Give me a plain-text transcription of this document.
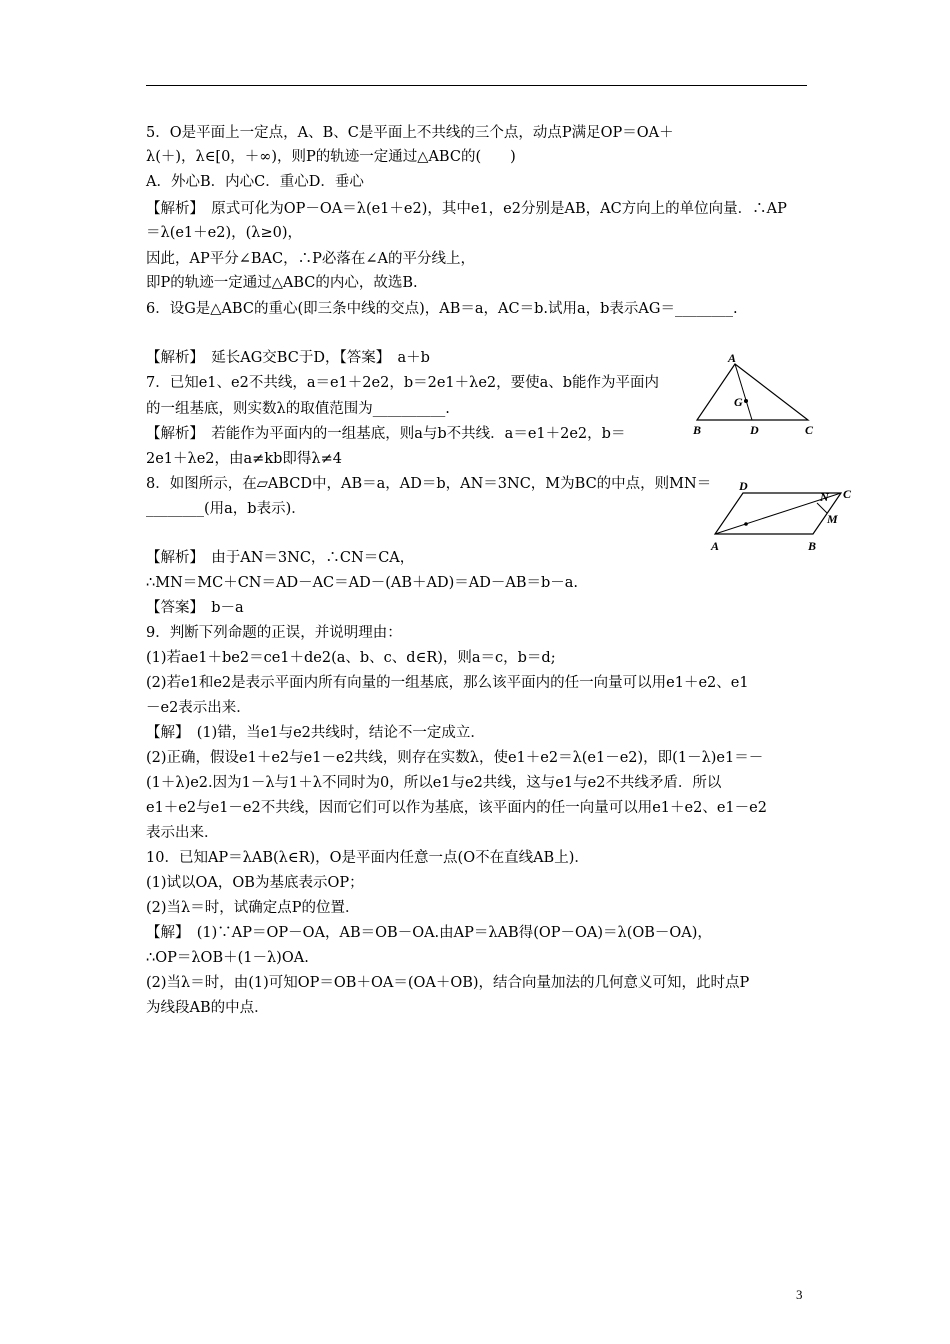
5．O是平面上一定点，A、B、C是平面上不共线的三个点，动点P满足OP＝OA＋

λ(＋)，λ∈[0，＋∞)，则P的轨迹一定通过△ABC的(　　)

A．外心B．内心C．重心D．垂心

【解析】　原式可化为OP－OA＝λ(e1＋e2)，其中e1，e2分别是AB，AC方向上的单位向量．∴AP

＝λ(e1＋e2)，(λ≥0)，

因此，AP平分∠BAC，∴P必落在∠A的平分线上，

即P的轨迹一定通过△ABC的内心，故选B.

6．设G是△ABC的重心(即三条中线的交点)，AB＝a，AC＝b.试用a，b表示AG＝________.

【解析】　延长AG交BC于D，【答案】　a＋b

7．已知e1、e2不共线，a＝e1＋2e2，b＝2e1＋λe2，要使a、b能作为平面内

的一组基底，则实数λ的取值范围为__________.

【解析】　若能作为平面内的一组基底，则a与b不共线．a＝e1＋2e2，b＝

2e1＋λe2，由a≠kb即得λ≠4

8．如图所示，在▱ABCD中，AB＝a，AD＝b，AN＝3NC，M为BC的中点，则MN＝

________(用a，b表示)．

【解析】　由于AN＝3NC，∴CN＝CA，

∴MN＝MC＋CN＝AD－AC＝AD－(AB＋AD)＝AD－AB＝b－a.

【答案】　b－a

9．判断下列命题的正误，并说明理由：

(1)若ae1＋be2＝ce1＋de2(a、b、c、d∈R)，则a＝c，b＝d;

(2)若e1和e2是表示平面内所有向量的一组基底，那么该平面内的任一向量可以用e1＋e2、e1

－e2表示出来．

【解】　(1)错，当e1与e2共线时，结论不一定成立．

(2)正确，假设e1＋e2与e1－e2共线，则存在实数λ，使e1＋e2＝λ(e1－e2)，即(1－λ)e1＝－

(1＋λ)e2.因为1－λ与1＋λ不同时为0，所以e1与e2共线，这与e1与e2不共线矛盾．所以

e1＋e2与e1－e2不共线，因而它们可以作为基底，该平面内的任一向量可以用e1＋e2、e1－e2

表示出来．

10．已知AP＝λAB(λ∈R)，O是平面内任意一点(O不在直线AB上)．

(1)试以OA，OB为基底表示OP；

(2)当λ＝时，试确定点P的位置．

【解】　(1)∵AP＝OP－OA，AB＝OB－OA.由AP＝λAB得(OP－OA)＝λ(OB－OA)，

∴OP＝λOB＋(1－λ)OA.

(2)当λ＝时，由(1)可知OP＝OB＋OA＝(OA＋OB)，结合向量加法的几何意义可知，此时点P

为线段AB的中点．

A
B	C
D
G
D
C
N
M
A	B
3
